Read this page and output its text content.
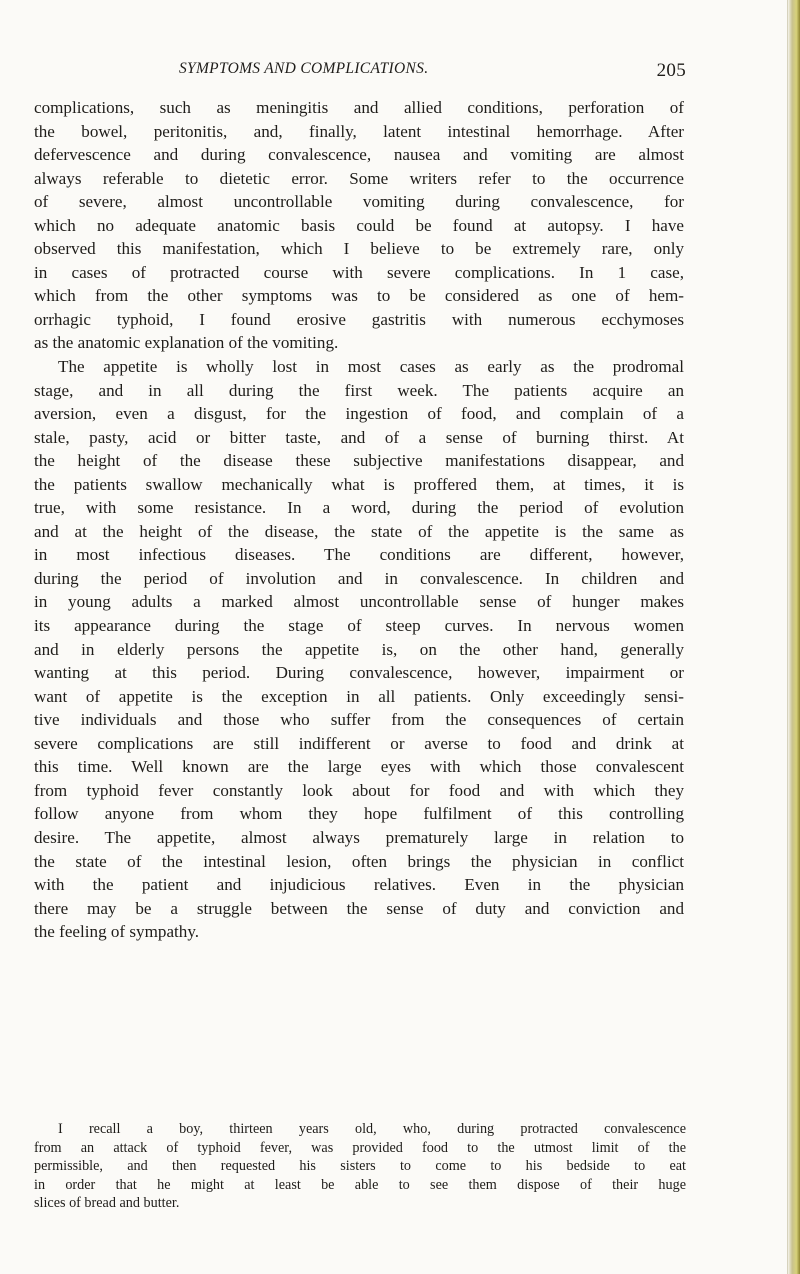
SYMPTOMS AND COMPLICATIONS.	205
complications, such as meningitis and allied conditions, perforation of
the bowel, peritonitis, and, finally, latent intestinal hemorrhage. After
defervescence and during convalescence, nausea and vomiting are almost
always referable to dietetic error. Some writers refer to the occurrence
of severe, almost uncontrollable vomiting during convalescence, for
which no adequate anatomic basis could be found at autopsy. I have
observed this manifestation, which I believe to be extremely rare, only
in cases of protracted course with severe complications. In 1 case,
which from the other symptoms was to be considered as one of hem-
orrhagic typhoid, I found erosive gastritis with numerous ecchymoses
as the anatomic explanation of the vomiting.
The appetite is wholly lost in most cases as early as the prodromal
stage, and in all during the first week. The patients acquire an
aversion, even a disgust, for the ingestion of food, and complain of a
stale, pasty, acid or bitter taste, and of a sense of burning thirst. At
the height of the disease these subjective manifestations disappear, and
the patients swallow mechanically what is proffered them, at times, it is
true, with some resistance. In a word, during the period of evolution
and at the height of the disease, the state of the appetite is the same as
in most infectious diseases. The conditions are different, however,
during the period of involution and in convalescence. In children and
in young adults a marked almost uncontrollable sense of hunger makes
its appearance during the stage of steep curves. In nervous women
and in elderly persons the appetite is, on the other hand, generally
wanting at this period. During convalescence, however, impairment or
want of appetite is the exception in all patients. Only exceedingly sensi-
tive individuals and those who suffer from the consequences of certain
severe complications are still indifferent or averse to food and drink at
this time. Well known are the large eyes with which those convalescent
from typhoid fever constantly look about for food and with which they
follow anyone from whom they hope fulfilment of this controlling
desire. The appetite, almost always prematurely large in relation to
the state of the intestinal lesion, often brings the physician in conflict
with the patient and injudicious relatives. Even in the physician
there may be a struggle between the sense of duty and conviction and
the feeling of sympathy.
I recall a boy, thirteen years old, who, during protracted convalescence
from an attack of typhoid fever, was provided food to the utmost limit of the
permissible, and then requested his sisters to come to his bedside to eat
in order that he might at least be able to see them dispose of their huge
slices of bread and butter.
